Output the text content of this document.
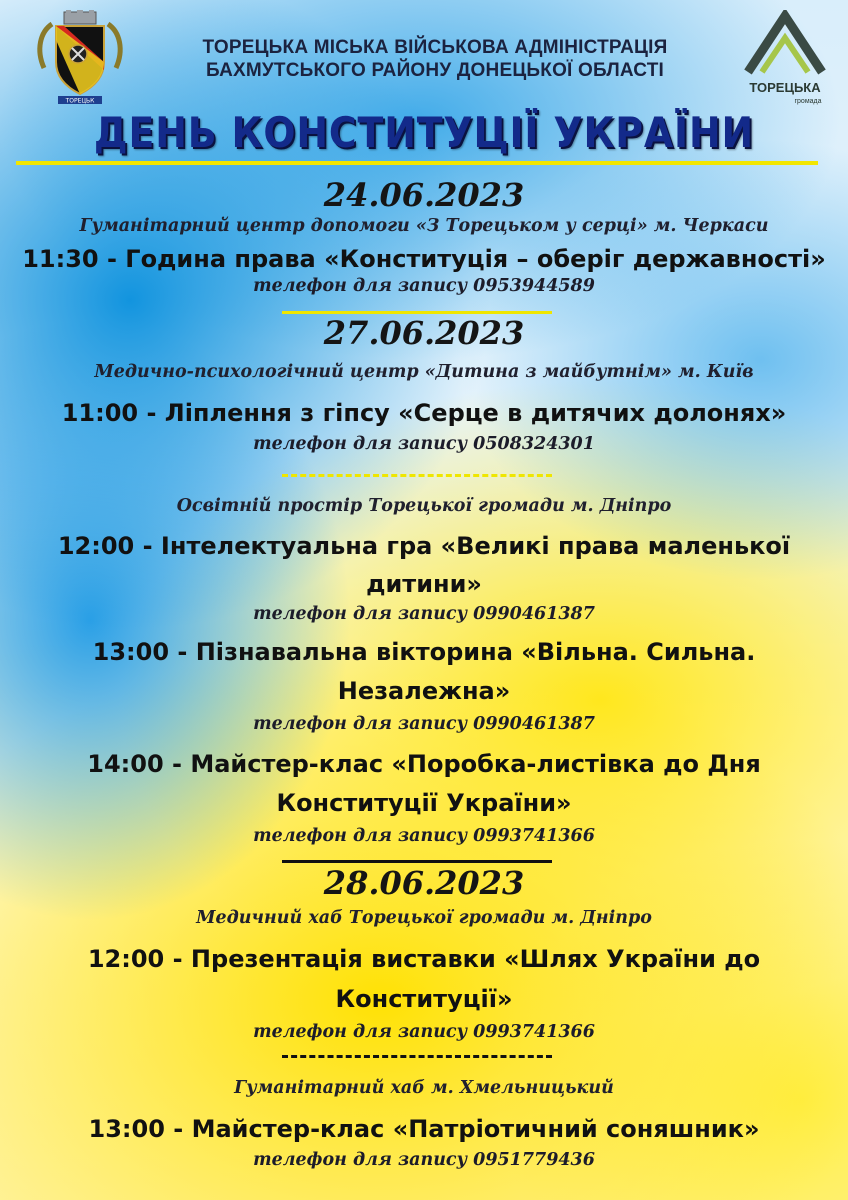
ТОРЕЦЬК
ТОРЕЦЬКА МІСЬКА ВІЙСЬКОВА АДМІНІСТРАЦІЯ
БАХМУТСЬКОГО РАЙОНУ ДОНЕЦЬКОЇ ОБЛАСТІ
ТОРЕЦЬКА
громада
ДЕНЬ КОНСТИТУЦІЇ УКРАЇНИ
24.06.2023
Гуманітарний центр допомоги «З Торецьком у серці» м. Черкаси
11:30 - Година права «Конституція – оберіг державності»
телефон для запису 0953944589
27.06.2023
Медично-психологічний центр «Дитина з майбутнім» м. Київ
11:00 - Ліплення з гіпсу «Серце в дитячих долонях»
телефон для запису 0508324301
Освітній простір Торецької громади м. Дніпро
12:00 - Інтелектуальна гра «Великі права маленької
дитини»
телефон для запису 0990461387
13:00 - Пізнавальна вікторина «Вільна. Сильна.
Незалежна»
телефон для запису 0990461387
14:00 - Майстер-клас «Поробка-листівка до Дня
Конституції України»
телефон для запису 0993741366
28.06.2023
Медичний хаб Торецької громади м. Дніпро
12:00 - Презентація виставки «Шлях України до
Конституції»
телефон для запису 0993741366
Гуманітарний хаб м. Хмельницький
13:00 - Майстер-клас «Патріотичний соняшник»
телефон для запису 0951779436
